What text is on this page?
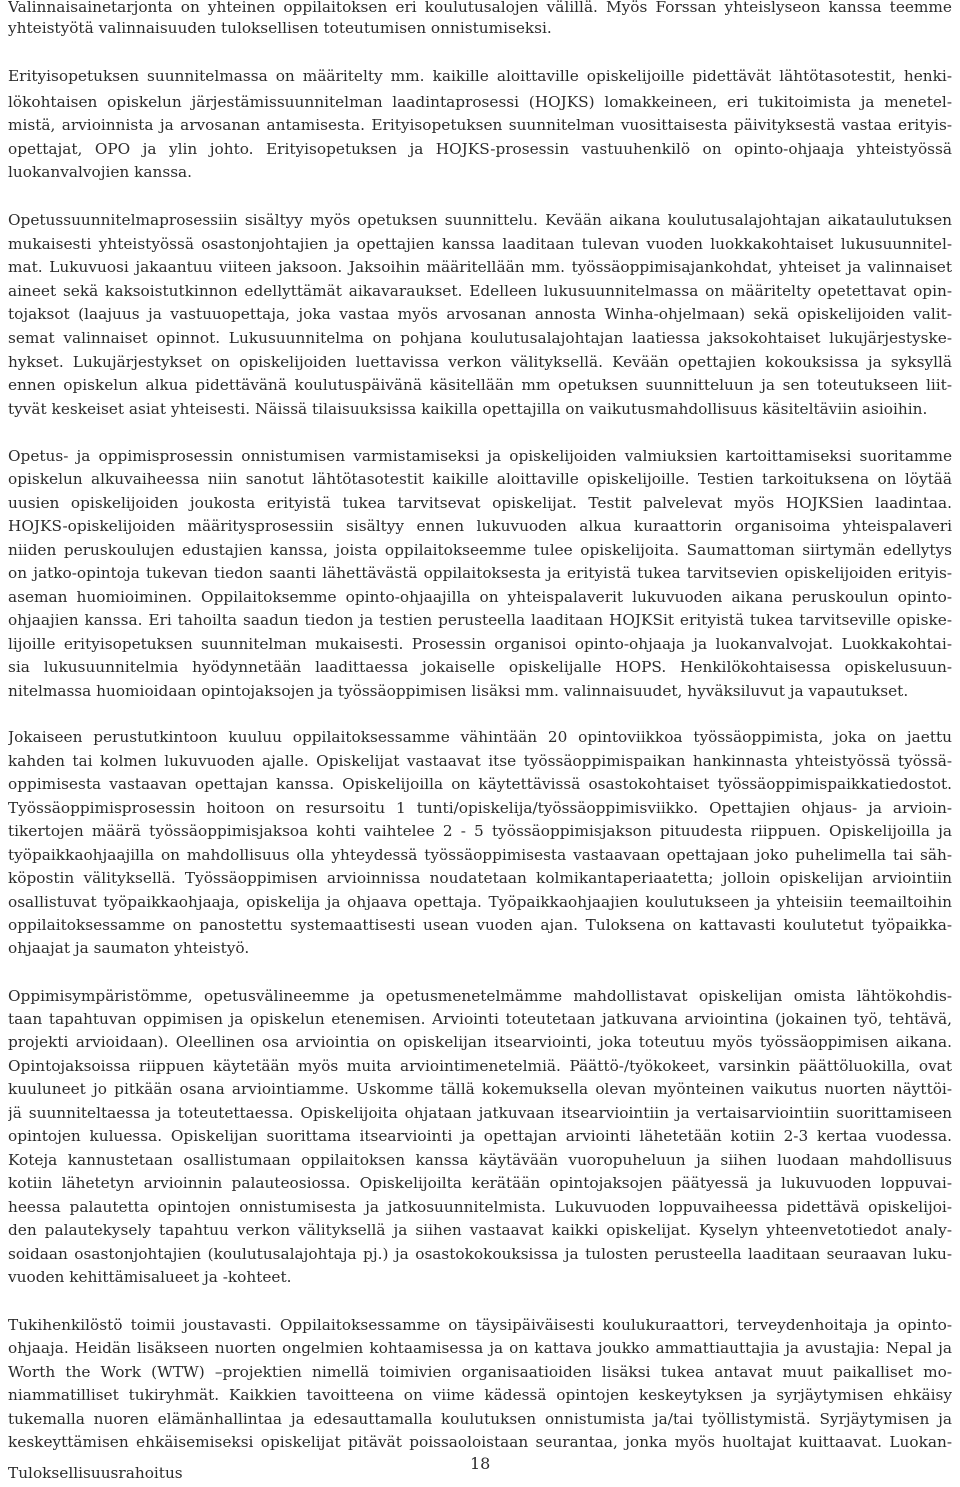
Valinnaisainetarjonta on yhteinen oppilaitoksen eri koulutusalojen välillä. Myös Forssan yhteislyseon kanssa teemme
yhteistyötä valinnaisuuden tuloksellisen toteutumisen onnistumiseksi.
Erityisopetuksen suunnitelmassa on määritelty mm. kaikille aloittaville opiskelijoille pidettävät lähtötasotestit, henki-
lökohtaisen opiskelun järjestämissuunnitelman laadintaprosessi (HOJKS) lomakkeineen, eri tukitoimista ja menetel-
mistä, arvioinnista ja arvosanan antamisesta. Erityisopetuksen suunnitelman vuosittaisesta päivityksestä vastaa erityis-
opettajat, OPO ja ylin johto. Erityisopetuksen ja HOJKS-prosessin vastuuhenkilö on opinto-ohjaaja yhteistyössä
luokanvalvojien kanssa.
Opetussuunnitelmaprosessiin sisältyy myös opetuksen suunnittelu. Kevään aikana koulutusalajohtajan aikataulutuksen
mukaisesti yhteistyössä osastonjohtajien ja opettajien kanssa laaditaan tulevan vuoden luokkakohtaiset lukusuunnitel-
mat. Lukuvuosi jakaantuu viiteen jaksoon. Jaksoihin määritellään mm. työssäoppimisajankohdat, yhteiset ja valinnaiset
aineet sekä kaksoistutkinnon edellyttämät aikavaraukset. Edelleen lukusuunnitelmassa on määritelty opetettavat opin-
tojaksot (laajuus ja vastuuopettaja, joka vastaa myös arvosanan annosta Winha-ohjelmaan) sekä opiskelijoiden valit-
semat valinnaiset opinnot. Lukusuunnitelma on pohjana koulutusalajohtajan laatiessa jaksokohtaiset lukujärjestyske-
hykset. Lukujärjestykset on opiskelijoiden luettavissa verkon välityksellä. Kevään opettajien kokouksissa ja syksyllä
ennen opiskelun alkua pidettävänä koulutuspäivänä käsitellään mm opetuksen suunnitteluun ja sen toteutukseen liit-
tyvät keskeiset asiat yhteisesti. Näissä tilaisuuksissa kaikilla opettajilla on vaikutusmahdollisuus käsiteltäviin asioihin.
Opetus- ja oppimisprosessin onnistumisen varmistamiseksi ja opiskelijoiden valmiuksien kartoittamiseksi suoritamme
opiskelun alkuvaiheessa niin sanotut lähtötasotestit kaikille aloittaville opiskelijoille. Testien tarkoituksena on löytää
uusien opiskelijoiden joukosta erityistä tukea tarvitsevat opiskelijat. Testit palvelevat myös HOJKSien laadintaa.
HOJKS-opiskelijoiden määritysprosessiin sisältyy ennen lukuvuoden alkua kuraattorin organisoima yhteispalaveri
niiden peruskoulujen edustajien kanssa, joista oppilaitokseemme tulee opiskelijoita. Saumattoman siirtymän edellytys
on jatko-opintoja tukevan tiedon saanti lähettävästä oppilaitoksesta ja erityistä tukea tarvitsevien opiskelijoiden erityis-
aseman huomioiminen. Oppilaitoksemme opinto-ohjaajilla on yhteispalaverit lukuvuoden aikana peruskoulun opinto-
ohjaajien kanssa. Eri tahoilta saadun tiedon ja testien perusteella laaditaan HOJKSit erityistä tukea tarvitseville opiske-
lijoille erityisopetuksen suunnitelman mukaisesti. Prosessin organisoi opinto-ohjaaja ja luokanvalvojat. Luokkakohtai-
sia lukusuunnitelmia hyödynnetään laadittaessa jokaiselle opiskelijalle HOPS. Henkilökohtaisessa opiskelusuun-
nitelmassa huomioidaan opintojaksojen ja työssäoppimisen lisäksi mm. valinnaisuudet, hyväksiluvut ja vapautukset.
Jokaiseen perustutkintoon kuuluu oppilaitoksessamme vähintään 20 opintoviikkoa työssäoppimista, joka on jaettu
kahden tai kolmen lukuvuoden ajalle. Opiskelijat vastaavat itse työssäoppimispaikan hankinnasta yhteistyössä työssä-
oppimisesta vastaavan opettajan kanssa. Opiskelijoilla on käytettävissä osastokohtaiset työssäoppimispaikkatiedostot.
Työssäoppimisprosessin hoitoon on resursoitu 1 tunti/opiskelija/työssäoppimisviikko. Opettajien ohjaus- ja arvioin-
tikertojen määrä työssäoppimisjaksoa kohti vaihtelee 2 - 5 työssäoppimisjakson pituudesta riippuen. Opiskelijoilla ja
työpaikkaohjaajilla on mahdollisuus olla yhteydessä työssäoppimisesta vastaavaan opettajaan joko puhelimella tai säh-
köpostin välityksellä. Työssäoppimisen arvioinnissa noudatetaan kolmikantaperiaatetta; jolloin opiskelijan arviointiin
osallistuvat työpaikkaohjaaja, opiskelija ja ohjaava opettaja. Työpaikkaohjaajien koulutukseen ja yhteisiin teemailtoihin
oppilaitoksessamme on panostettu systemaattisesti usean vuoden ajan. Tuloksena on kattavasti koulutetut työpaikka-
ohjaajat ja saumaton yhteistyö.
Oppimisympäristömme, opetusvälineemme ja opetusmenetelmämme mahdollistavat opiskelijan omista lähtökohdis-
taan tapahtuvan oppimisen ja opiskelun etenemisen. Arviointi toteutetaan jatkuvana arviointina (jokainen työ, tehtävä,
projekti arvioidaan). Oleellinen osa arviointia on opiskelijan itsearviointi, joka toteutuu myös työssäoppimisen aikana.
Opintojaksoissa riippuen käytetään myös muita arviointimenetelmiä. Päättö-/työkokeet, varsinkin päättöluokilla, ovat
kuuluneet jo pitkään osana arviointiamme. Uskomme tällä kokemuksella olevan myönteinen vaikutus nuorten näyttöi-
jä suunniteltaessa ja toteutettaessa. Opiskelijoita ohjataan jatkuvaan itsearviointiin ja vertaisarviointiin suorittamiseen
opintojen kuluessa. Opiskelijan suorittama itsearviointi ja opettajan arviointi lähetetään kotiin 2-3 kertaa vuodessa.
Koteja kannustetaan osallistumaan oppilaitoksen kanssa käytävään vuoropuheluun ja siihen luodaan mahdollisuus
kotiin lähetetyn arvioinnin palauteosiossa. Opiskelijoilta kerätään opintojaksojen päätyessä ja lukuvuoden loppuvai-
heessa palautetta opintojen onnistumisesta ja jatkosuunnitelmista. Lukuvuoden loppuvaiheessa pidettävä opiskelijoi-
den palautekysely tapahtuu verkon välityksellä ja siihen vastaavat kaikki opiskelijat. Kyselyn yhteenvetotiedot analy-
soidaan osastonjohtajien (koulutusalajohtaja pj.) ja osastokokouksissa ja tulosten perusteella laaditaan seuraavan luku-
vuoden kehittämisalueet ja -kohteet.
Tukihenkilöstö toimii joustavasti. Oppilaitoksessamme on täysipäiväisesti koulukuraattori, terveydenhoitaja ja opinto-
ohjaaja. Heidän lisäkseen nuorten ongelmien kohtaamisessa ja on kattava joukko ammattiauttajia ja avustajia: Nepal ja
Worth the Work (WTW) –projektien nimellä toimivien organisaatioiden lisäksi tukea antavat muut paikalliset mo-
niammatilliset tukiryhmät. Kaikkien tavoitteena on viime kädessä opintojen keskeytyksen ja syrjäytymisen ehkäisy
tukemalla nuoren elämänhallintaa ja edesauttamalla koulutuksen onnistumista ja/tai työllistymistä. Syrjäytymisen ja
keskeyttämisen ehkäisemiseksi opiskelijat pitävät poissaoloistaan seurantaa, jonka myös huoltajat kuittaavat. Luokan-
Tuloksellisuusrahoitus	18
